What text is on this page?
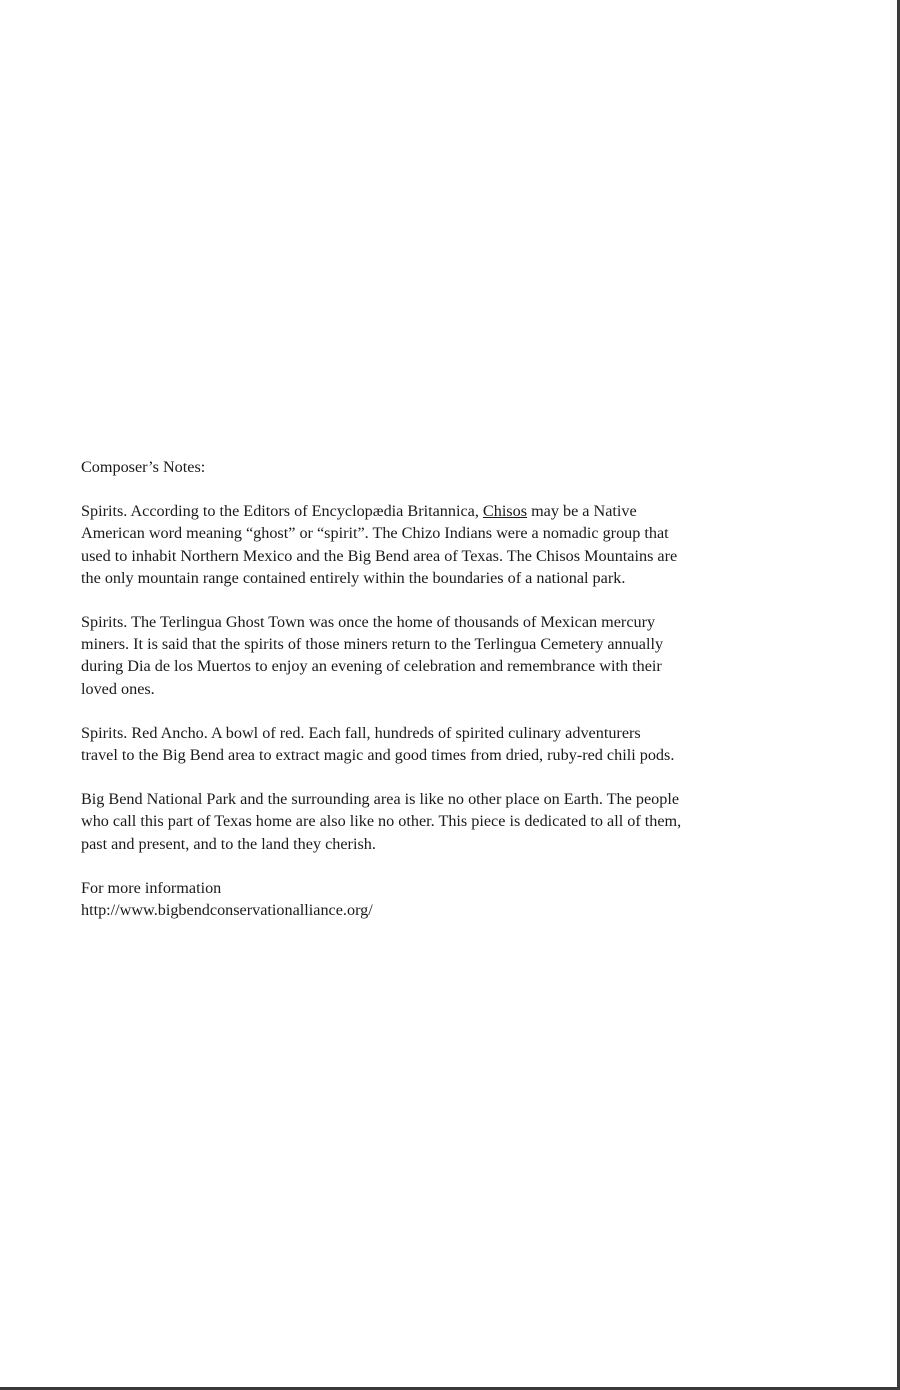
Composer’s Notes:

Spirits. According to the Editors of Encyclopædia Britannica, Chisos may be a Native
American word meaning “ghost” or “spirit”. The Chizo Indians were a nomadic group that
used to inhabit Northern Mexico and the Big Bend area of Texas. The Chisos Mountains are
the only mountain range contained entirely within the boundaries of a national park.

Spirits. The Terlingua Ghost Town was once the home of thousands of Mexican mercury
miners. It is said that the spirits of those miners return to the Terlingua Cemetery annually
during Dia de los Muertos to enjoy an evening of celebration and remembrance with their
loved ones.

Spirits. Red Ancho. A bowl of red. Each fall, hundreds of spirited culinary adventurers
travel to the Big Bend area to extract magic and good times from dried, ruby-red chili pods.

Big Bend National Park and the surrounding area is like no other place on Earth. The people
who call this part of Texas home are also like no other. This piece is dedicated to all of them,
past and present, and to the land they cherish.

For more information
http://www.bigbendconservationalliance.org/
